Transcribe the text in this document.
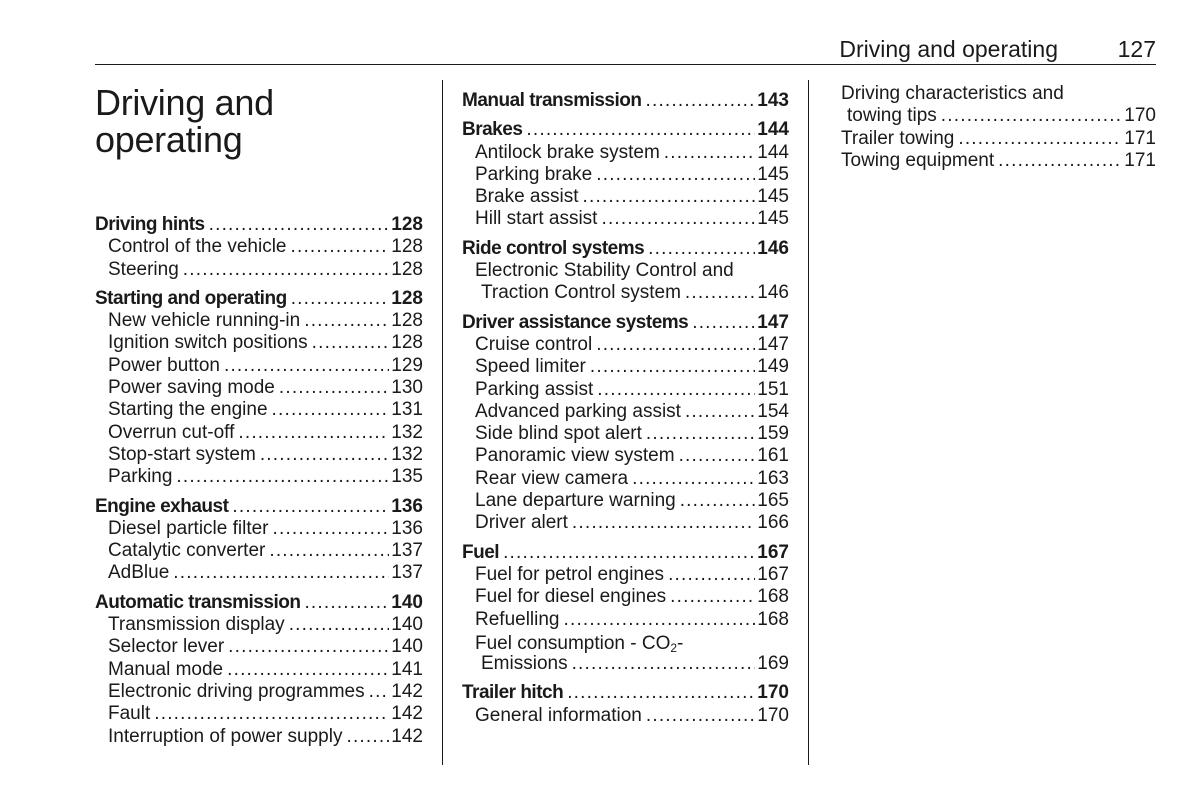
Driving and operating	127
Driving and
operating
Driving hints .....	128
Control of the vehicle .....	128
Steering .....	128
Starting and operating .....	128
New vehicle running-in .....	128
Ignition switch positions .....	128
Power button .....	129
Power saving mode .....	130
Starting the engine .....	131
Overrun cut-off .....	132
Stop-start system .....	132
Parking .....	135
Engine exhaust .....	136
Diesel particle filter .....	136
Catalytic converter .....	137
AdBlue .....	137
Automatic transmission .....	140
Transmission display .....	140
Selector lever .....	140
Manual mode .....	141
Electronic driving programmes ..... 142
Fault .....	142
Interruption of power supply .....	142
Manual transmission .....	143
Brakes .....	144
Antilock brake system .....	144
Parking brake .....	145
Brake assist .....	145
Hill start assist .....	145
Ride control systems .....	146
Electronic Stability Control and
Traction Control system .....	146
Driver assistance systems .....	147
Cruise control .....	147
Speed limiter .....	149
Parking assist .....	151
Advanced parking assist .....	154
Side blind spot alert .....	159
Panoramic view system .....	161
Rear view camera .....	163
Lane departure warning .....	165
Driver alert .....	166
Fuel .....	167
Fuel for petrol engines .....	167
Fuel for diesel engines .....	168
Refuelling .....	168
Fuel consumption - CO2-
Emissions .....	169
Trailer hitch .....	170
General information .....	170
Driving characteristics and
towing tips .....	170
Trailer towing .....	171
Towing equipment .....	171
